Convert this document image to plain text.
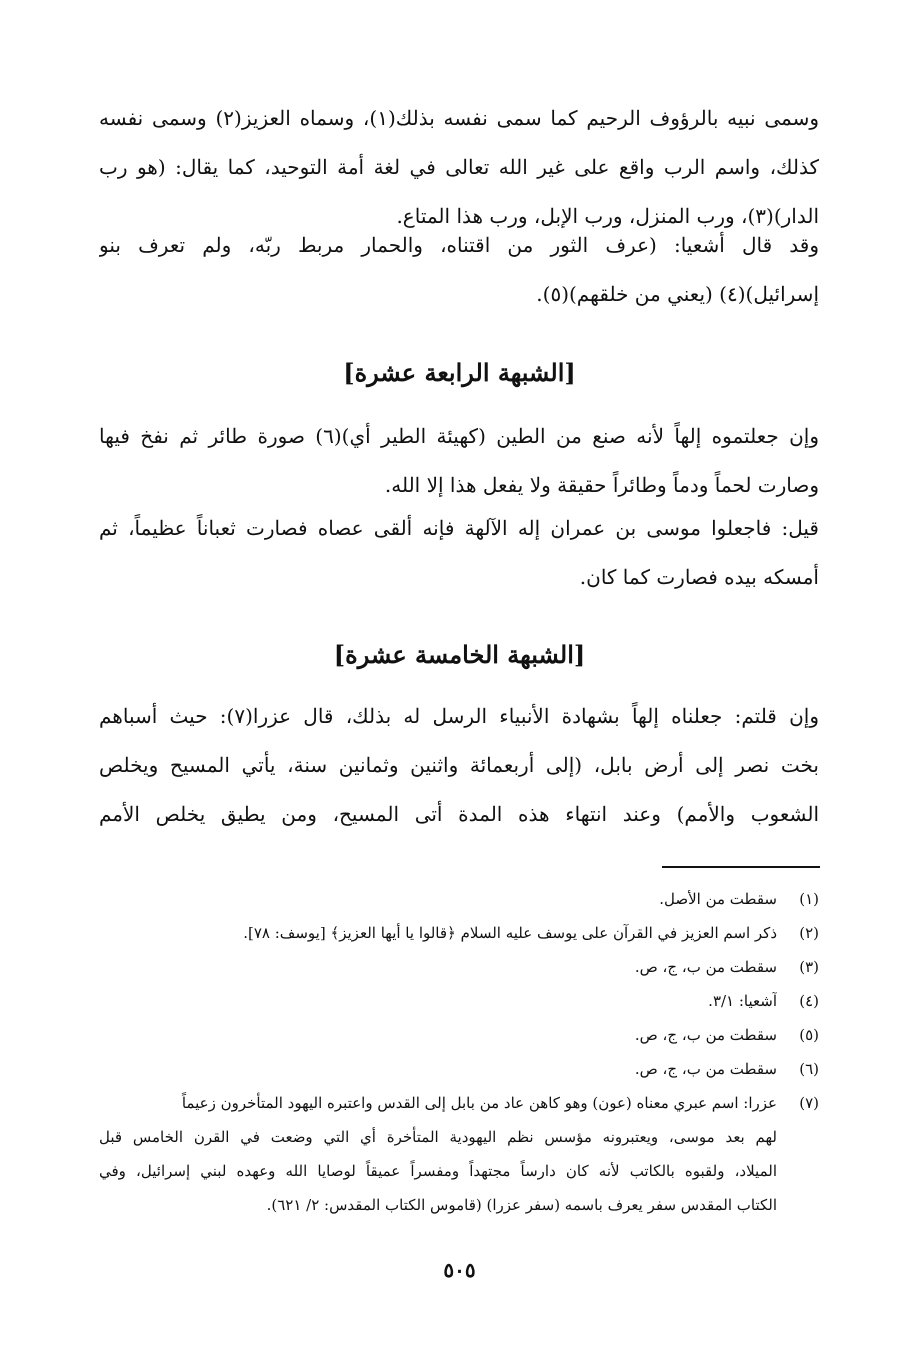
وسمى نبيه بالرؤوف الرحيم كما سمى نفسه بذلك(١)، وسماه العزيز(٢) وسمى نفسه
كذلك، واسم الرب واقع على غير الله تعالى في لغة أمة التوحيد، كما يقال: (هو رب
الدار)(٣)، ورب المنزل، ورب الإبل، ورب هذا المتاع.
وقد قال أشعيا: (عرف الثور من اقتناه، والحمار مربط ربّه، ولم تعرف بنو
إسرائيل)(٤) (يعني من خلقهم)(٥).
[الشبهة الرابعة عشرة]
وإن جعلتموه إلهاً لأنه صنع من الطين (كهيئة الطير أي)(٦) صورة طائر ثم نفخ فيها
وصارت لحماً ودماً وطائراً حقيقة ولا يفعل هذا إلا الله.
قيل: فاجعلوا موسى بن عمران إله الآلهة فإنه ألقى عصاه فصارت ثعباناً عظيماً، ثم
أمسكه بيده فصارت كما كان.
[الشبهة الخامسة عشرة]
وإن قلتم: جعلناه إلهاً بشهادة الأنبياء الرسل له بذلك، قال عزرا(٧): حيث أسباهم
بخت نصر إلى أرض بابل، (إلى أربعمائة واثنين وثمانين سنة، يأتي المسيح ويخلص
الشعوب والأمم) وعند انتهاء هذه المدة أتى المسيح، ومن يطيق يخلص الأمم
(١)
سقطت من الأصل.
(٢)
ذكر اسم العزيز في القرآن على يوسف عليه السلام ﴿قالوا يا أيها العزيز﴾ [يوسف: ٧٨].
(٣)
سقطت من ب، ج، ص.
(٤)
آشعيا: ٣/١.
(٥)
سقطت من ب، ج، ص.
(٦)
سقطت من ب، ج، ص.
(٧)
عزرا: اسم عبري معناه (عون) وهو كاهن عاد من بابل إلى القدس واعتبره اليهود المتأخرون زعيماً
لهم بعد موسى، ويعتبرونه مؤسس نظم اليهودية المتأخرة أي التي وضعت في القرن الخامس قبل
الميلاد، ولقبوه بالكاتب لأنه كان دارساً مجتهداً ومفسراً عميقاً لوصايا الله وعهده لبني إسرائيل، وفي
الكتاب المقدس سفر يعرف باسمه (سفر عزرا) (قاموس الكتاب المقدس: ٢/ ٦٢١).
٥٠٥
